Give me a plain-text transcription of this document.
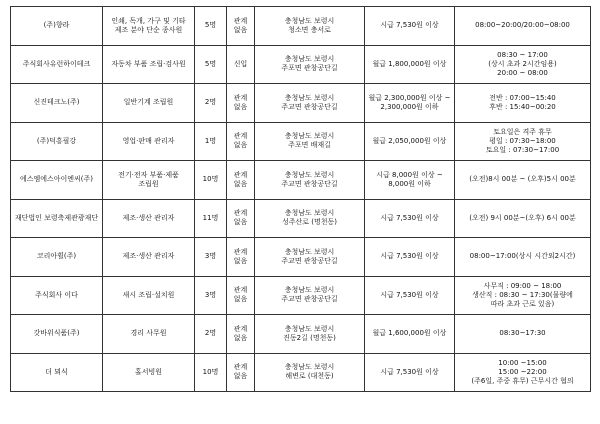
(주)향라	인쇄, 독개, 가구 및 기타
제조 분야 단순 종사원	5명	관계
없음	충청남도 보령시
청소면 충서로	시급 7,530원 이상	08:00~20:00/20:00~08:00
주식회사유런하이테크	자동차 부품 조립·검사원	5명	신입	충청남도 보령시
주포면 관창공단길	월급 1,800,000원 이상	08:30 ~ 17:00
(상시 초과 2시간임용)
20:00 ~ 08:00
신진테크노(주)	일반기계 조립원	2명	관계
없음	충청남도 보령시
주교면 관창공단길	월급 2,300,000원 이상 ~
2,300,000원 이하	전반 : 07:00~15:40
후반 : 15:40~00:20
(주)덕흥필강	영업·판매 관리자	1명	관계
없음	충청남도 보령시
주포면 배재길	월급 2,050,000원 이상	토요일은 격주 휴무
평일 : 07:30~18:00
토요일 : 07:30~17:00
에스엠에스아이엔씨(주)	전기·전자 부품·제품
조립원	10명	관계
없음	충청남도 보령시
주교면 관창공단길	시급 8,000원 이상 ~
8,000원 이하	(오전)8시 00분 ~ (오후)5시 00분
재단법인 보령축제관광재단	제조·생산 관리자	11명	관계
없음	충청남도 보령시
성주산로 (명천동)	시급 7,530원 이상	(오전) 9시 00분~(오후) 6시 00분
코리아휠(주)	제조·생산 관리자	3명	관계
없음	충청남도 보령시
주교면 관창공단길	시급 7,530원 이상	08:00~17:00(상시 시간외2시간)
주식회사 이다	새시 조립·설치원	3명	관계
없음	충청남도 보령시
주교면 관창공단길	시급 7,530원 이상	사무직 : 09:00 ~ 18:00
생산직 : 08:30 ~ 17:30(물량에
따라 초과 근로 있음)
갓바위식품(주)	경리 사무원	2명	관계
없음	충청남도 보령시
진동2길 (명천동)	월급 1,600,000원 이상	08:30~17:30
더 뫼식	홀서빙원	10명	관계
없음	충청남도 보령시
해변로 (대천동)	시급 7,530원 이상	10:00 ~15:00
15:00 ~22:00
(주6일, 주중 휴무) 근무시간 협의
